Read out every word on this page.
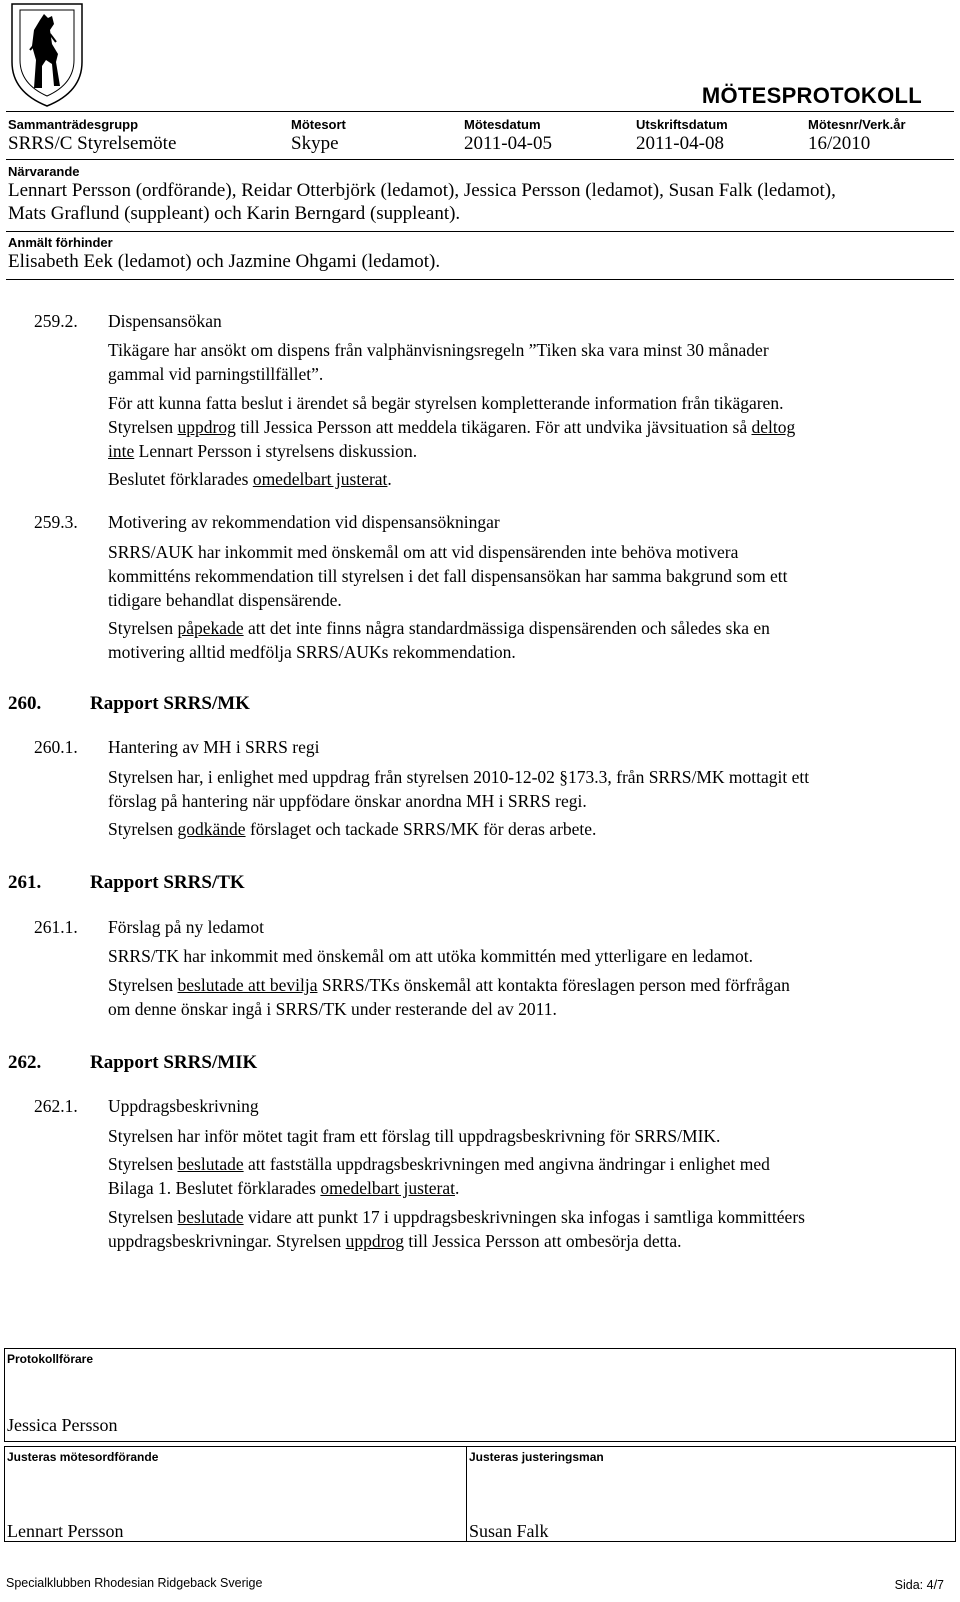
MÖTESPROTOKOLL
Sammanträdesgrupp
SRRS/C Styrelsemöte
Mötesort
Skype
Mötesdatum
2011-04-05
Utskriftsdatum
2011-04-08
Mötesnr/Verk.år
16/2010
Närvarande
Lennart Persson (ordförande), Reidar Otterbjörk (ledamot), Jessica Persson (ledamot), Susan Falk (ledamot),
Mats Graflund (suppleant) och Karin Berngard (suppleant).
Anmält förhinder
Elisabeth Eek (ledamot) och Jazmine Ohgami (ledamot).
259.2. Dispensansökan
Tikägare har ansökt om dispens från valphänvisningsregeln ”Tiken ska vara minst 30 månader
gammal vid parningstillfället”.
För att kunna fatta beslut i ärendet så begär styrelsen kompletterande information från tikägaren.
Styrelsen uppdrog till Jessica Persson att meddela tikägaren. För att undvika jävsituation så deltog
inte Lennart Persson i styrelsens diskussion.
Beslutet förklarades omedelbart justerat.
259.3. Motivering av rekommendation vid dispensansökningar
SRRS/AUK har inkommit med önskemål om att vid dispensärenden inte behöva motivera
kommitténs rekommendation till styrelsen i det fall dispensansökan har samma bakgrund som ett
tidigare behandlat dispensärende.
Styrelsen påpekade att det inte finns några standardmässiga dispensärenden och således ska en
motivering alltid medfölja SRRS/AUKs rekommendation.
260.	Rapport SRRS/MK
260.1. Hantering av MH i SRRS regi
Styrelsen har, i enlighet med uppdrag från styrelsen 2010-12-02 §173.3, från SRRS/MK mottagit ett
förslag på hantering när uppfödare önskar anordna MH i SRRS regi.
Styrelsen godkände förslaget och tackade SRRS/MK för deras arbete.
261.	Rapport SRRS/TK
261.1. Förslag på ny ledamot
SRRS/TK har inkommit med önskemål om att utöka kommittén med ytterligare en ledamot.
Styrelsen beslutade att bevilja SRRS/TKs önskemål att kontakta föreslagen person med förfrågan
om denne önskar ingå i SRRS/TK under resterande del av 2011.
262.	Rapport SRRS/MIK
262.1. Uppdragsbeskrivning
Styrelsen har inför mötet tagit fram ett förslag till uppdragsbeskrivning för SRRS/MIK.
Styrelsen beslutade att fastställa uppdragsbeskrivningen med angivna ändringar i enlighet med
Bilaga 1. Beslutet förklarades omedelbart justerat.
Styrelsen beslutade vidare att punkt 17 i uppdragsbeskrivningen ska infogas i samtliga kommittéers
uppdragsbeskrivningar. Styrelsen uppdrog till Jessica Persson att ombesörja detta.
Protokollförare
Jessica Persson
Justeras mötesordförande
Lennart Persson
Justeras justeringsman
Susan Falk
Specialklubben Rhodesian Ridgeback Sverige	Sida: 4/7
